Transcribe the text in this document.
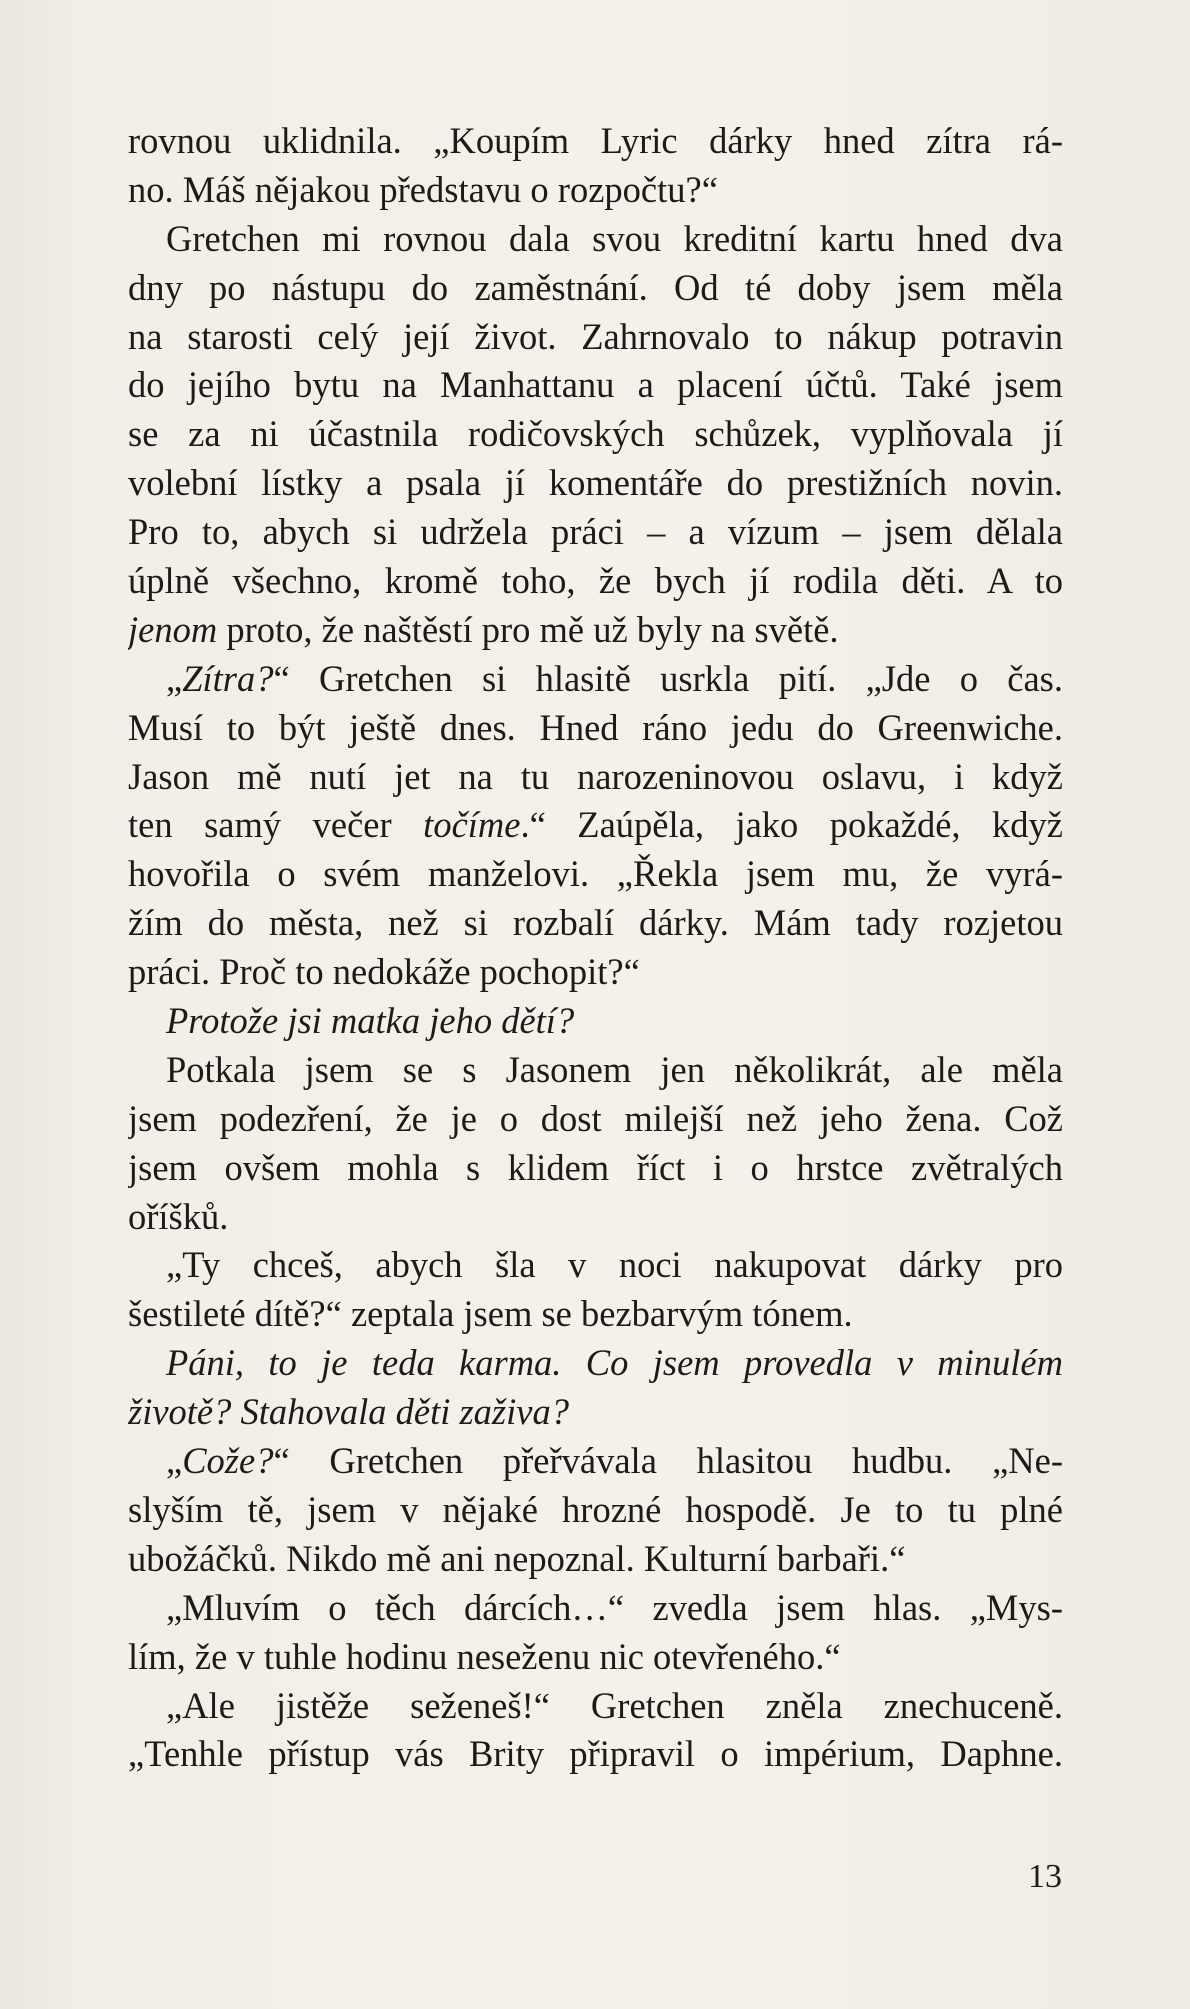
rovnou uklidnila. „Koupím Lyric dárky hned zítra rá-
no. Máš nějakou představu o rozpočtu?“
Gretchen mi rovnou dala svou kreditní kartu hned dva
dny po nástupu do zaměstnání. Od té doby jsem měla
na starosti celý její život. Zahrnovalo to nákup potravin
do jejího bytu na Manhattanu a placení účtů. Také jsem
se za ni účastnila rodičovských schůzek, vyplňovala jí
volební lístky a psala jí komentáře do prestižních novin.
Pro to, abych si udržela práci – a vízum – jsem dělala
úplně všechno, kromě toho, že bych jí rodila děti. A to
jenom proto, že naštěstí pro mě už byly na světě.
„Zítra?“ Gretchen si hlasitě usrkla pití. „Jde o čas.
Musí to být ještě dnes. Hned ráno jedu do Greenwiche.
Jason mě nutí jet na tu narozeninovou oslavu, i když
ten samý večer točíme.“ Zaúpěla, jako pokaždé, když
hovořila o svém manželovi. „Řekla jsem mu, že vyrá-
žím do města, než si rozbalí dárky. Mám tady rozjetou
práci. Proč to nedokáže pochopit?“
Protože jsi matka jeho dětí?
Potkala jsem se s Jasonem jen několikrát, ale měla
jsem podezření, že je o dost milejší než jeho žena. Což
jsem ovšem mohla s klidem říct i o hrstce zvětralých
oříšků.
„Ty chceš, abych šla v noci nakupovat dárky pro
šestileté dítě?“ zeptala jsem se bezbarvým tónem.
Páni, to je teda karma. Co jsem provedla v minulém
životě? Stahovala děti zaživa?
„Cože?“ Gretchen přeřvávala hlasitou hudbu. „Ne-
slyším tě, jsem v nějaké hrozné hospodě. Je to tu plné
ubožáčků. Nikdo mě ani nepoznal. Kulturní barbaři.“
„Mluvím o těch dárcích…“ zvedla jsem hlas. „Mys-
lím, že v tuhle hodinu neseženu nic otevřeného.“
„Ale jistěže seženeš!“ Gretchen zněla znechuceně.
„Tenhle přístup vás Brity připravil o impérium, Daphne.
13
